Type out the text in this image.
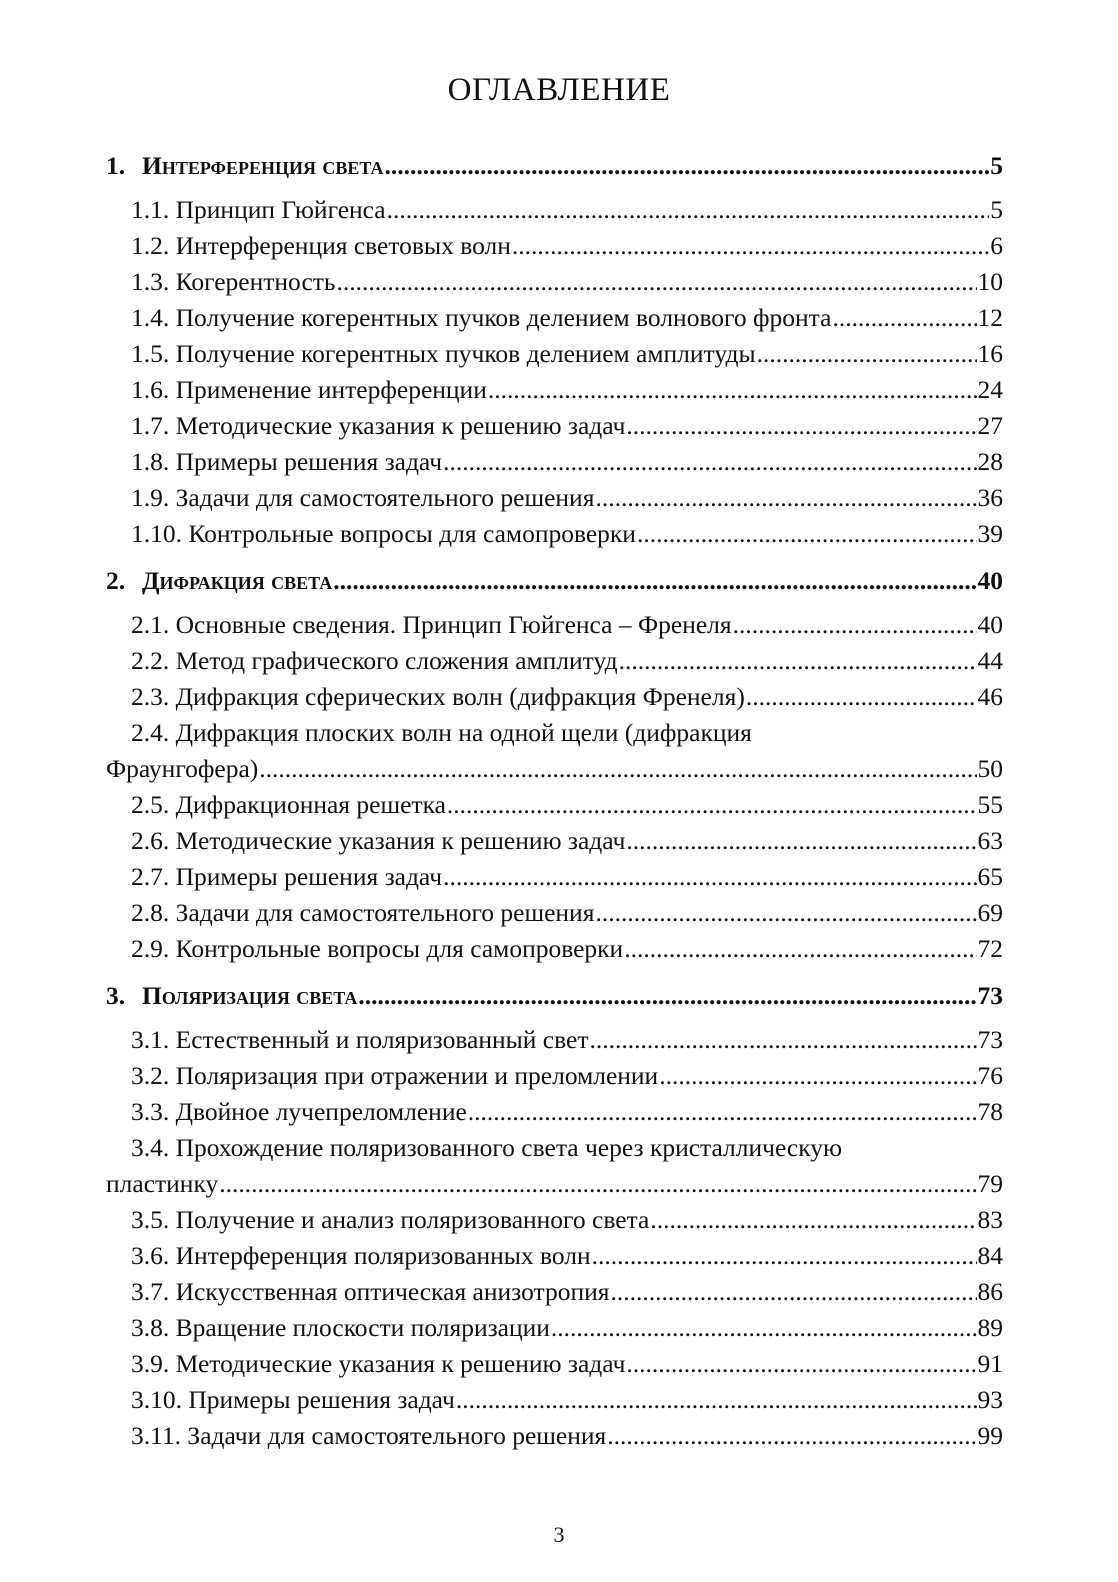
ОГЛАВЛЕНИЕ
1. Интерференция света .....	5
1.1. Принцип Гюйгенса .....	5
1.2. Интерференция световых волн .....	6
1.3. Когерентность .....	10
1.4. Получение когерентных пучков делением волнового фронта .....	12
1.5. Получение когерентных пучков делением амплитуды .....	16
1.6. Применение интерференции .....	24
1.7. Методические указания к решению задач .....	27
1.8. Примеры решения задач .....	28
1.9. Задачи для самостоятельного решения .....	36
1.10. Контрольные вопросы для самопроверки .....	39
2. Дифракция света .....	40
2.1. Основные сведения. Принцип Гюйгенса – Френеля .....	40
2.2. Метод графического сложения амплитуд .....	44
2.3. Дифракция сферических волн (дифракция Френеля) .....	46
2.4. Дифракция плоских волн на одной щели (дифракция
Фраунгофера) .....	50
2.5. Дифракционная решетка .....	55
2.6. Методические указания к решению задач .....	63
2.7. Примеры решения задач .....	65
2.8. Задачи для самостоятельного решения .....	69
2.9. Контрольные вопросы для самопроверки .....	72
3. Поляризация света .....	73
3.1. Естественный и поляризованный свет .....	73
3.2. Поляризация при отражении и преломлении .....	76
3.3. Двойное лучепреломление .....	78
3.4. Прохождение поляризованного света через кристаллическую
пластинку .....	79
3.5. Получение и анализ поляризованного света .....	83
3.6. Интерференция поляризованных волн .....	84
3.7. Искусственная оптическая анизотропия .....	86
3.8. Вращение плоскости поляризации .....	89
3.9. Методические указания к решению задач .....	91
3.10. Примеры решения задач .....	93
3.11. Задачи для самостоятельного решения .....	99
3
